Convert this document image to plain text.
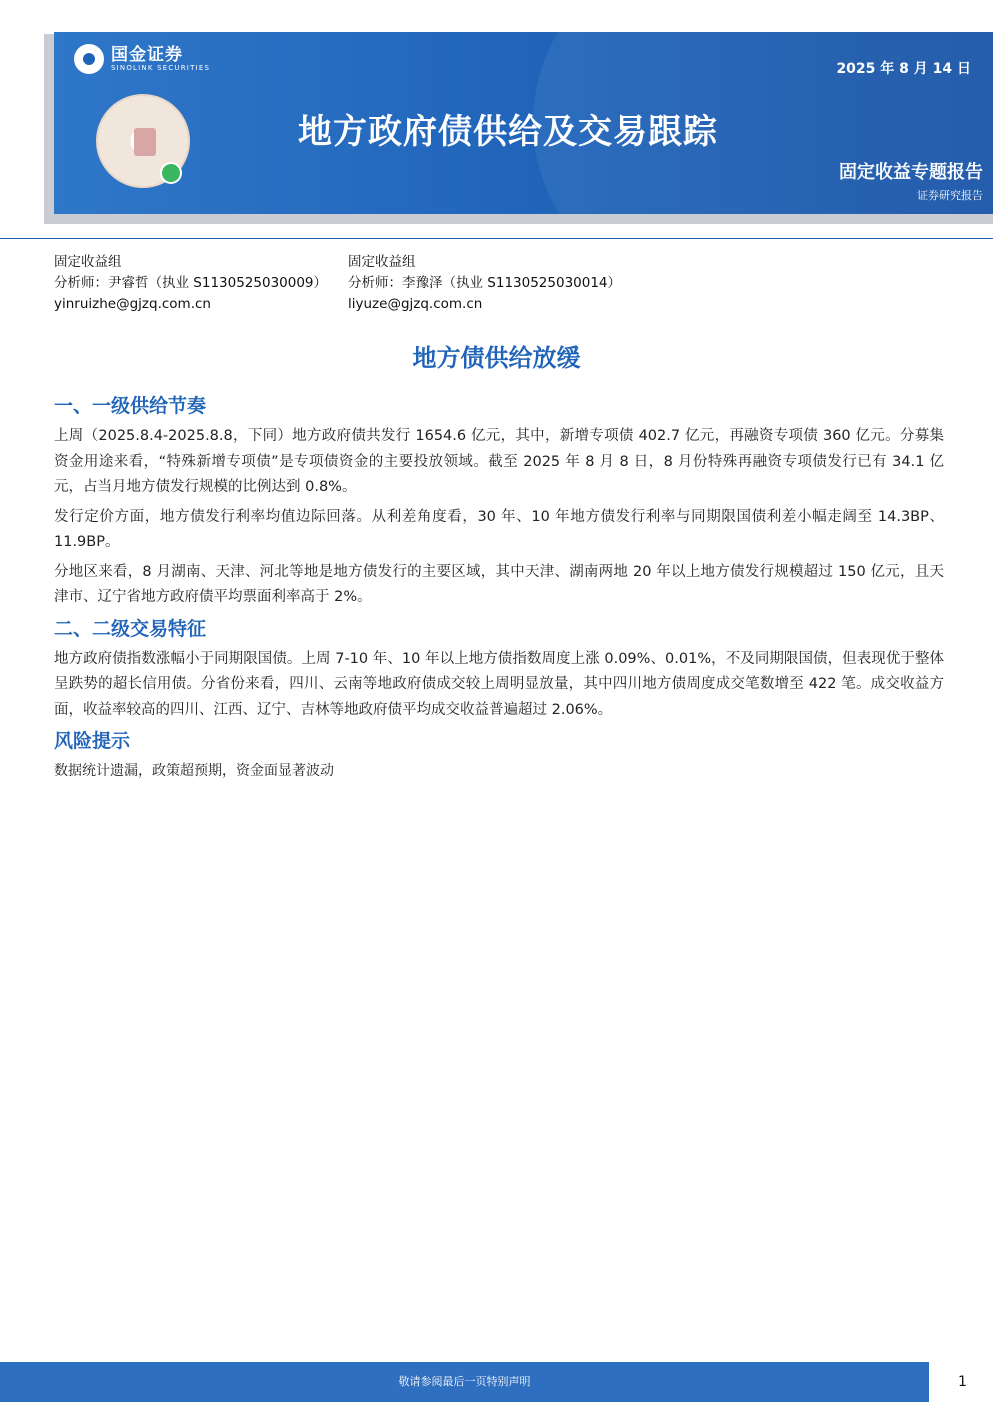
国金证券
SINOLINK SECURITIES	2025 年 8 月 14 日
地方政府债供给及交易跟踪
固定收益专题报告
证券研究报告
固定收益组
分析师：尹睿哲（执业 S1130525030009）
yinruizhe@gjzq.com.cn
固定收益组
分析师：李豫泽（执业 S1130525030014）
liyuze@gjzq.com.cn
地方债供给放缓
一、一级供给节奏

上周（2025.8.4-2025.8.8，下同）地方政府债共发行 1654.6 亿元，其中，新增专项债 402.7 亿元，再融资专项债 360 亿元。分募集资金用途来看，“特殊新增专项债”是专项债资金的主要投放领域。截至 2025 年 8 月 8 日，8 月份特殊再融资专项债发行已有 34.1 亿元，占当月地方债发行规模的比例达到 0.8%。

发行定价方面，地方债发行利率均值边际回落。从利差角度看，30 年、10 年地方债发行利率与同期限国债利差小幅走阔至 14.3BP、11.9BP。

分地区来看，8 月湖南、天津、河北等地是地方债发行的主要区域，其中天津、湖南两地 20 年以上地方债发行规模超过 150 亿元，且天津市、辽宁省地方政府债平均票面利率高于 2%。

二、二级交易特征

地方政府债指数涨幅小于同期限国债。上周 7-10 年、10 年以上地方债指数周度上涨 0.09%、0.01%，不及同期限国债，但表现优于整体呈跌势的超长信用债。分省份来看，四川、云南等地政府债成交较上周明显放量，其中四川地方债周度成交笔数增至 422 笔。成交收益方面，收益率较高的四川、江西、辽宁、吉林等地政府债平均成交收益普遍超过 2.06%。

风险提示

数据统计遗漏，政策超预期，资金面显著波动

敬请参阅最后一页特别声明	1
